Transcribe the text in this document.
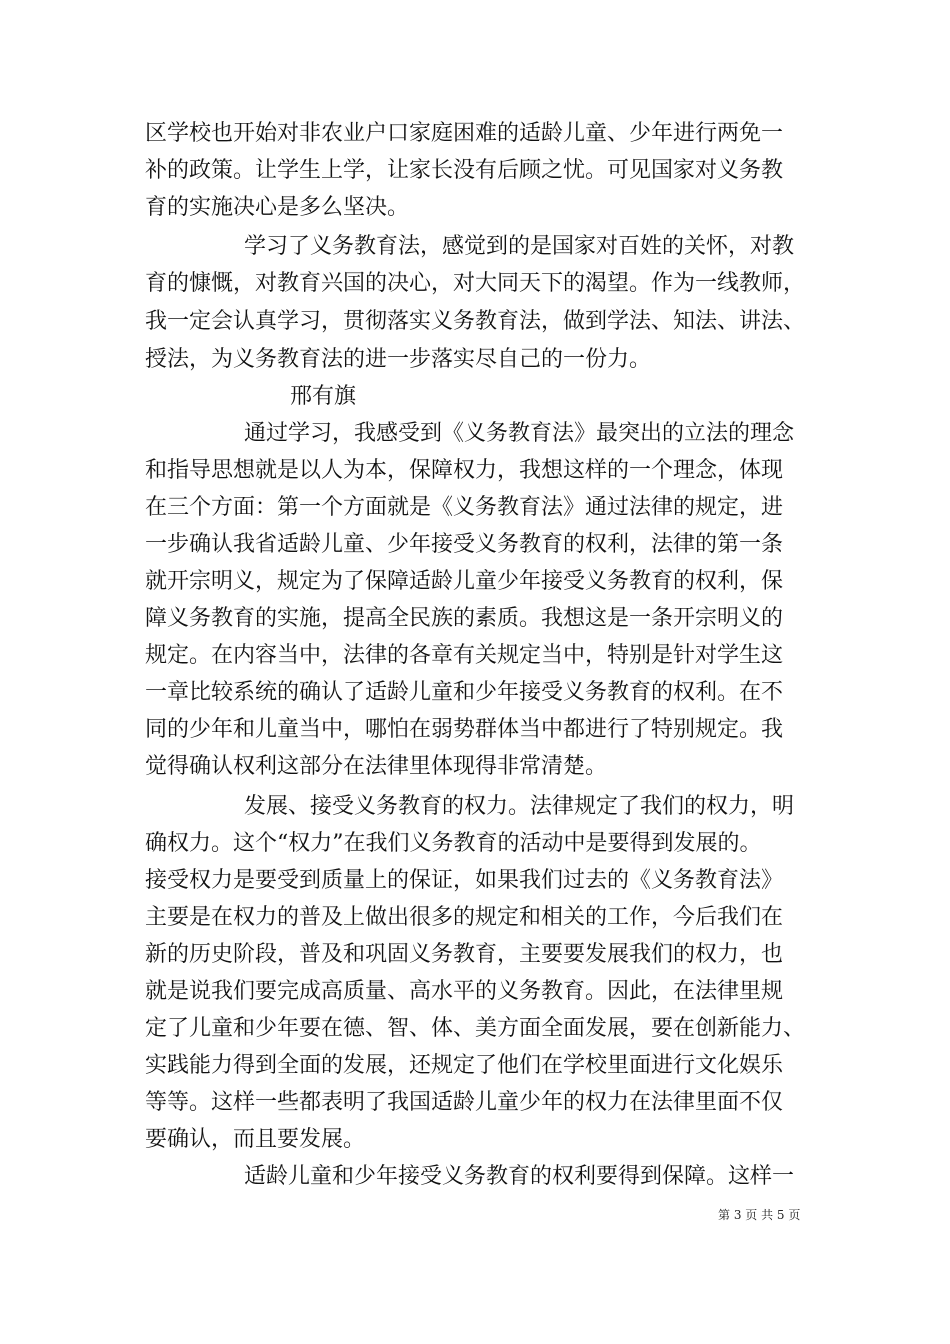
区学校也开始对非农业户口家庭困难的适龄儿童、少年进行两免一
补的政策。让学生上学，让家长没有后顾之忧。可见国家对义务教
育的实施决心是多么坚决。
学习了义务教育法，感觉到的是国家对百姓的关怀，对教
育的慷慨，对教育兴国的决心，对大同天下的渴望。作为一线教师，
我一定会认真学习，贯彻落实义务教育法，做到学法、知法、讲法、
授法，为义务教育法的进一步落实尽自己的一份力。
邢有旗
通过学习，我感受到《义务教育法》最突出的立法的理念
和指导思想就是以人为本，保障权力，我想这样的一个理念，体现
在三个方面：第一个方面就是《义务教育法》通过法律的规定，进
一步确认我省适龄儿童、少年接受义务教育的权利，法律的第一条
就开宗明义，规定为了保障适龄儿童少年接受义务教育的权利，保
障义务教育的实施，提高全民族的素质。我想这是一条开宗明义的
规定。在内容当中，法律的各章有关规定当中，特别是针对学生这
一章比较系统的确认了适龄儿童和少年接受义务教育的权利。在不
同的少年和儿童当中，哪怕在弱势群体当中都进行了特别规定。我
觉得确认权利这部分在法律里体现得非常清楚。
发展、接受义务教育的权力。法律规定了我们的权力，明
确权力。这个“权力”在我们义务教育的活动中是要得到发展的。
接受权力是要受到质量上的保证，如果我们过去的《义务教育法》
主要是在权力的普及上做出很多的规定和相关的工作，今后我们在
新的历史阶段，普及和巩固义务教育，主要要发展我们的权力，也
就是说我们要完成高质量、高水平的义务教育。因此，在法律里规
定了儿童和少年要在德、智、体、美方面全面发展，要在创新能力、
实践能力得到全面的发展，还规定了他们在学校里面进行文化娱乐
等等。这样一些都表明了我国适龄儿童少年的权力在法律里面不仅
要确认，而且要发展。
适龄儿童和少年接受义务教育的权利要得到保障。这样一
第 3 页 共 5 页
